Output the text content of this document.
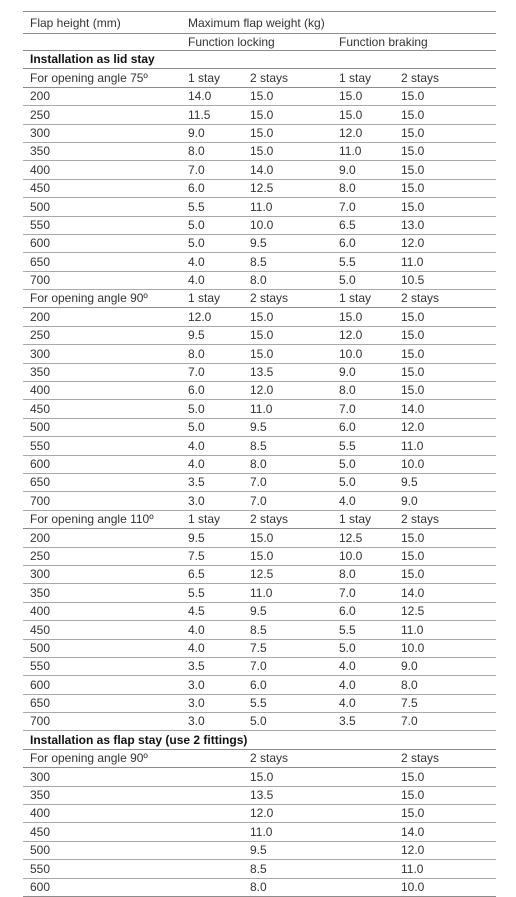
Flap height (mm)	Maximum flap weight (kg)			
	Function locking		Function braking	
Installation as lid stay				
For opening angle 75º	1 stay	2 stays	1 stay	2 stays
200	14.0	15.0	15.0	15.0
250	11.5	15.0	15.0	15.0
300	9.0	15.0	12.0	15.0
350	8.0	15.0	11.0	15.0
400	7.0	14.0	9.0	15.0
450	6.0	12.5	8.0	15.0
500	5.5	11.0	7.0	15.0
550	5.0	10.0	6.5	13.0
600	5.0	9.5	6.0	12.0
650	4.0	8.5	5.5	11.0
700	4.0	8.0	5.0	10.5
For opening angle 90º	1 stay	2 stays	1 stay	2 stays
200	12.0	15.0	15.0	15.0
250	9.5	15.0	12.0	15.0
300	8.0	15.0	10.0	15.0
350	7.0	13.5	9.0	15.0
400	6.0	12.0	8.0	15.0
450	5.0	11.0	7.0	14.0
500	5.0	9.5	6.0	12.0
550	4.0	8.5	5.5	11.0
600	4.0	8.0	5.0	10.0
650	3.5	7.0	5.0	9.5
700	3.0	7.0	4.0	9.0
For opening angle 110º	1 stay	2 stays	1 stay	2 stays
200	9.5	15.0	12.5	15.0
250	7.5	15.0	10.0	15.0
300	6.5	12.5	8.0	15.0
350	5.5	11.0	7.0	14.0
400	4.5	9.5	6.0	12.5
450	4.0	8.5	5.5	11.0
500	4.0	7.5	5.0	10.0
550	3.5	7.0	4.0	9.0
600	3.0	6.0	4.0	8.0
650	3.0	5.5	4.0	7.5
700	3.0	5.0	3.5	7.0
Installation as flap stay (use 2 fittings)				
For opening angle 90º		2 stays		2 stays
300		15.0		15.0
350		13.5		15.0
400		12.0		15.0
450		11.0		14.0
500		9.5		12.0
550		8.5		11.0
600		8.0		10.0
